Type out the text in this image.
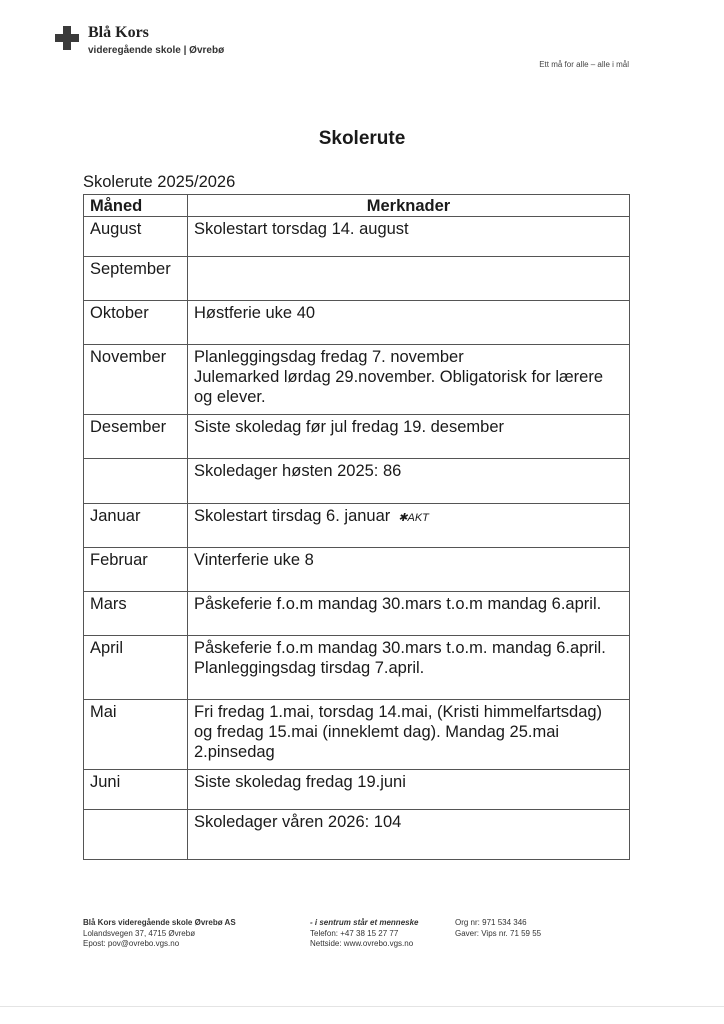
Blå Kors
videregående skole | Øvrebø
Ett må for alle – alle i mål
Skolerute
Skolerute 2025/2026
Måned	Merknader
August	Skolestart torsdag 14. august
September	
Oktober	Høstferie uke 40
November	Planleggingsdag fredag 7. november
Julemarked lørdag 29.november. Obligatorisk for lærere og elever.
Desember	Siste skoledag før jul fredag 19. desember
	Skoledager høsten 2025: 86
Januar	Skolestart tirsdag 6. januar ✱AKT
Februar	Vinterferie uke 8
Mars	Påskeferie f.o.m mandag 30.mars t.o.m mandag 6.april.
April	Påskeferie f.o.m mandag 30.mars t.o.m. mandag 6.april.
Planleggingsdag tirsdag 7.april.
Mai	Fri fredag 1.mai, torsdag 14.mai, (Kristi himmelfartsdag) og fredag 15.mai (inneklemt dag). Mandag 25.mai 2.pinsedag
Juni	Siste skoledag fredag 19.juni
	Skoledager våren 2026: 104
Blå Kors videregående skole Øvrebø AS
Lolandsvegen 37, 4715 Øvrebø
Epost: pov@ovrebo.vgs.no
- i sentrum står et menneske
Telefon: +47 38 15 27 77
Nettside: www.ovrebo.vgs.no
Org nr: 971 534 346
Gaver: Vips nr. 71 59 55
